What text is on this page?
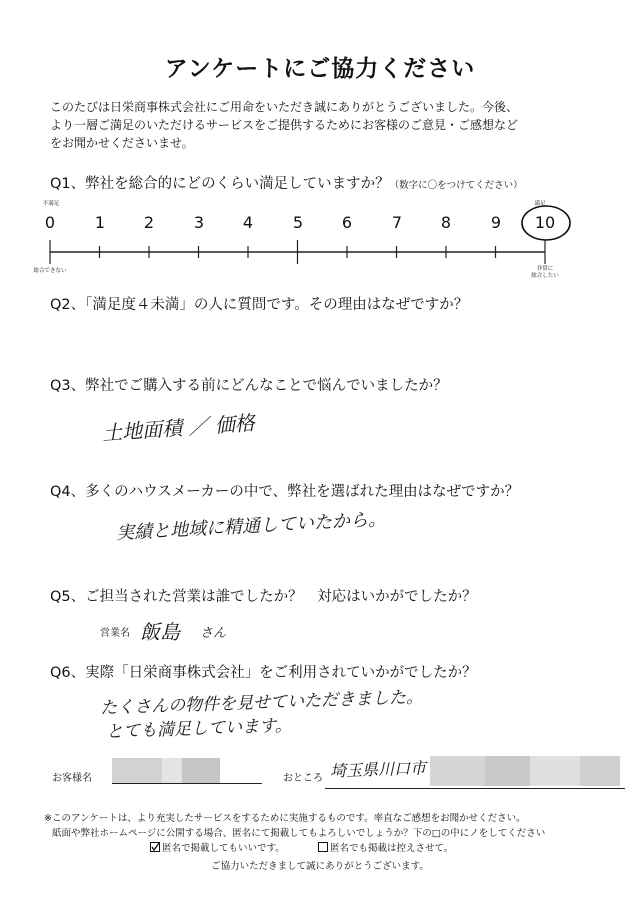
アンケートにご協力ください
このたびは日栄商事株式会社にご用命をいただき誠にありがとうございました。今後、
より一層ご満足のいただけるサービスをご提供するためにお客様のご意見・ご感想など
をお聞かせくださいませ。
Q1、弊社を総合的にどのくらい満足していますか？（数字に〇をつけてください）
不満足	満足
0	1	2	3	4	5	6	7	8	9	10
総合できない	非常に
総合したい
Q2、「満足度４未満」の人に質問です。その理由はなぜですか？
Q3、弊社でご購入する前にどんなことで悩んでいましたか？
土地面積 ／ 価格
Q4、多くのハウスメーカーの中で、弊社を選ばれた理由はなぜですか？
実績と地域に精通していたから。
Q5、ご担当された営業は誰でしたか？　対応はいかがでしたか？
営業名 飯島 さん
Q6、実際「日栄商事株式会社」をご利用されていかがでしたか？
たくさんの物件を見せていただきました。
とても満足しています。
お客様名	おところ 埼玉県川口市
※このアンケートは、より充実したサービスをするために実施するものです。率直なご感想をお聞かせください。
紙面や弊社ホームページに公開する場合、匿名にて掲載してもよろしいでしょうか？下の□の中にノをしてください
匿名で掲載してもいいです。	匿名でも掲載は控えさせて。
ご協力いただきまして誠にありがとうございます。
